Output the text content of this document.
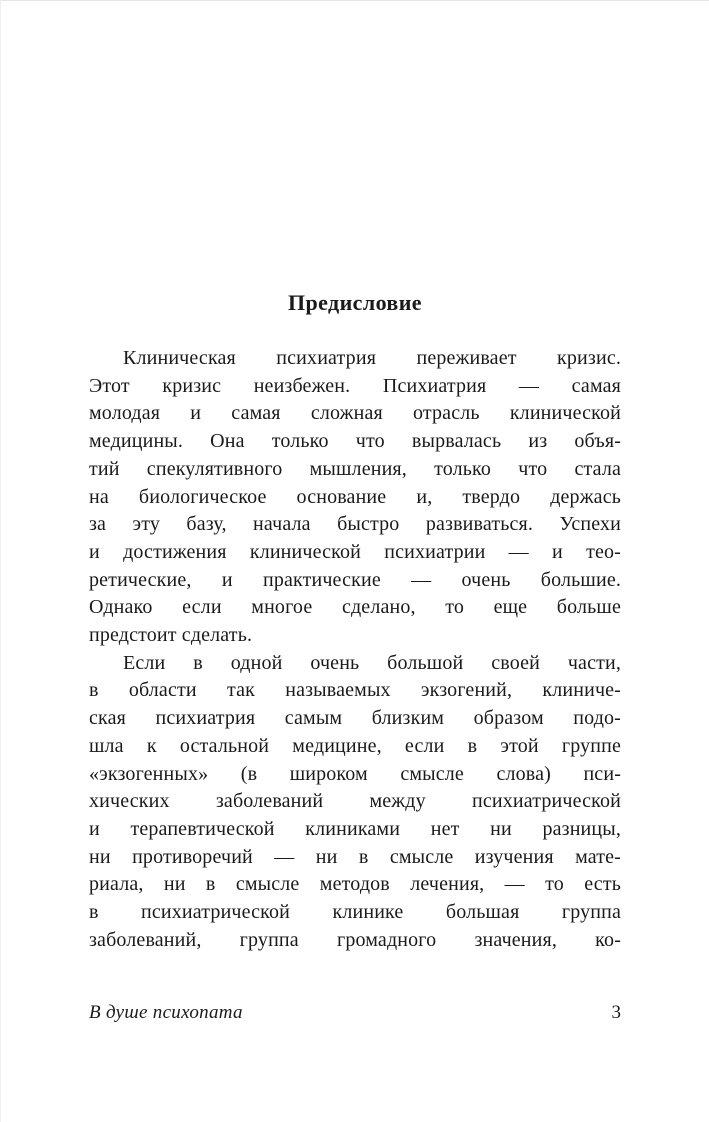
Предисловие
Клиническая психиатрия переживает кризис.
Этот кризис неизбежен. Психиатрия — самая
молодая и самая сложная отрасль клинической
медицины. Она только что вырвалась из объя-
тий спекулятивного мышления, только что стала
на биологическое основание и, твердо держась
за эту базу, начала быстро развиваться. Успехи
и достижения клинической психиатрии — и тео-
ретические, и практические — очень большие.
Однако если многое сделано, то еще больше
предстоит сделать.
Если в одной очень большой своей части,
в области так называемых экзогений, клиниче-
ская психиатрия самым близким образом подо-
шла к остальной медицине, если в этой группе
«экзогенных» (в широком смысле слова) пси-
хических заболеваний между психиатрической
и терапевтической клиниками нет ни разницы,
ни противоречий — ни в смысле изучения мате-
риала, ни в смысле методов лечения, — то есть
в психиатрической клинике большая группа
заболеваний, группа громадного значения, ко-
В душе психопата	3
